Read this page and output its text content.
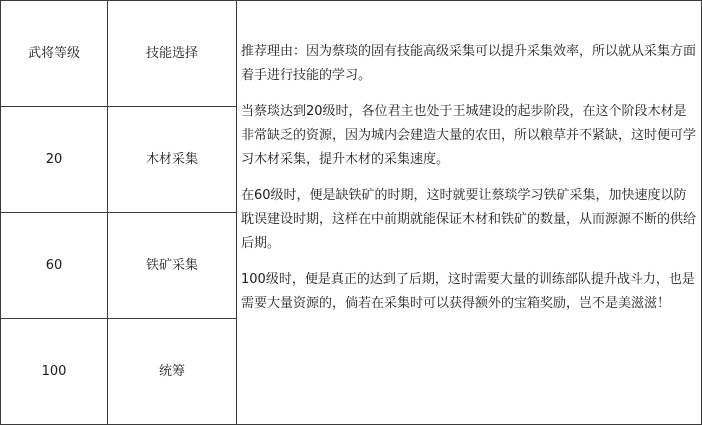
武将等级	技能选择
20	木材采集
60	铁矿采集
100	统筹

推荐理由：因为蔡琰的固有技能高级采集可以提升采集效率，所以就从采集方面着手进行技能的学习。

当蔡琰达到20级时，各位君主也处于王城建设的起步阶段，在这个阶段木材是非常缺乏的资源，因为城内会建造大量的农田，所以粮草并不紧缺，这时便可学习木材采集，提升木材的采集速度。

在60级时，便是缺铁矿的时期，这时就要让蔡琰学习铁矿采集，加快速度以防耽误建设时期，这样在中前期就能保证木材和铁矿的数量，从而源源不断的供给后期。

100级时，便是真正的达到了后期，这时需要大量的训练部队提升战斗力，也是需要大量资源的，倘若在采集时可以获得额外的宝箱奖励，岂不是美滋滋！
